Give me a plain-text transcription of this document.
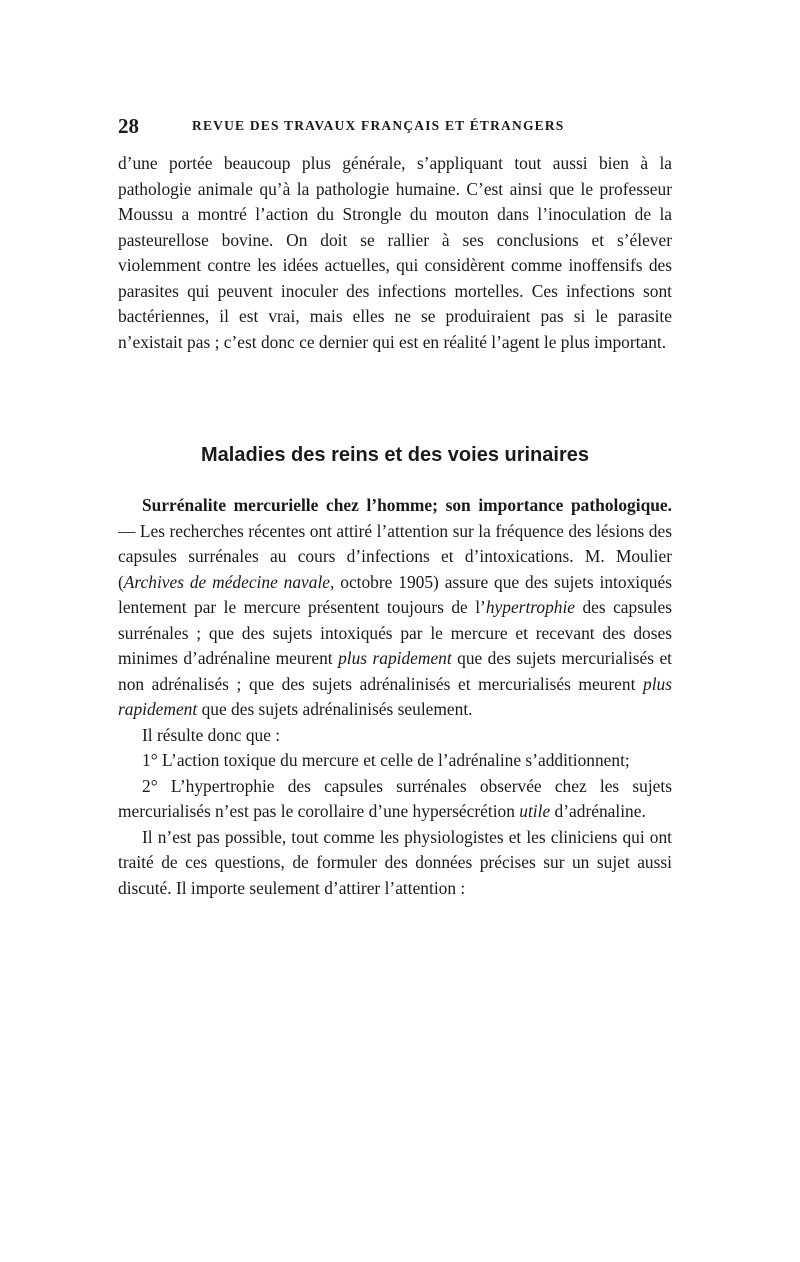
28	REVUE DES TRAVAUX FRANÇAIS ET ÉTRANGERS

d’une portée beaucoup plus générale, s’appliquant tout aussi bien à la pathologie animale qu’à la pathologie humaine. C’est ainsi que le professeur Moussu a montré l’action du Strongle du mouton dans l’inoculation de la pasteurellose bovine. On doit se rallier à ses conclusions et s’élever violemment contre les idées actuelles, qui considèrent comme inoffensifs des parasites qui peuvent inoculer des infections mortelles. Ces infections sont bactériennes, il est vrai, mais elles ne se produiraient pas si le parasite n’existait pas ; c’est donc ce dernier qui est en réalité l’agent le plus important.

Maladies des reins et des voies urinaires

Surrénalite mercurielle chez l’homme; son importance pathologique. — Les recherches récentes ont attiré l’attention sur la fréquence des lésions des capsules surrénales au cours d’infections et d’intoxications. M. Moulier (Archives de médecine navale, octobre 1905) assure que des sujets intoxiqués lentement par le mercure présentent toujours de l’hypertrophie des capsules surrénales ; que des sujets intoxiqués par le mercure et recevant des doses minimes d’adrénaline meurent plus rapidement que des sujets mercurialisés et non adrénalisés ; que des sujets adrénalinisés et mercurialisés meurent plus rapidement que des sujets adrénalinisés seulement.

Il résulte donc que :

1° L’action toxique du mercure et celle de l’adrénaline s’additionnent;

2° L’hypertrophie des capsules surrénales observée chez les sujets mercurialisés n’est pas le corollaire d’une hypersécrétion utile d’adrénaline.

Il n’est pas possible, tout comme les physiologistes et les cliniciens qui ont traité de ces questions, de formuler des données précises sur un sujet aussi discuté. Il importe seulement d’attirer l’attention :
